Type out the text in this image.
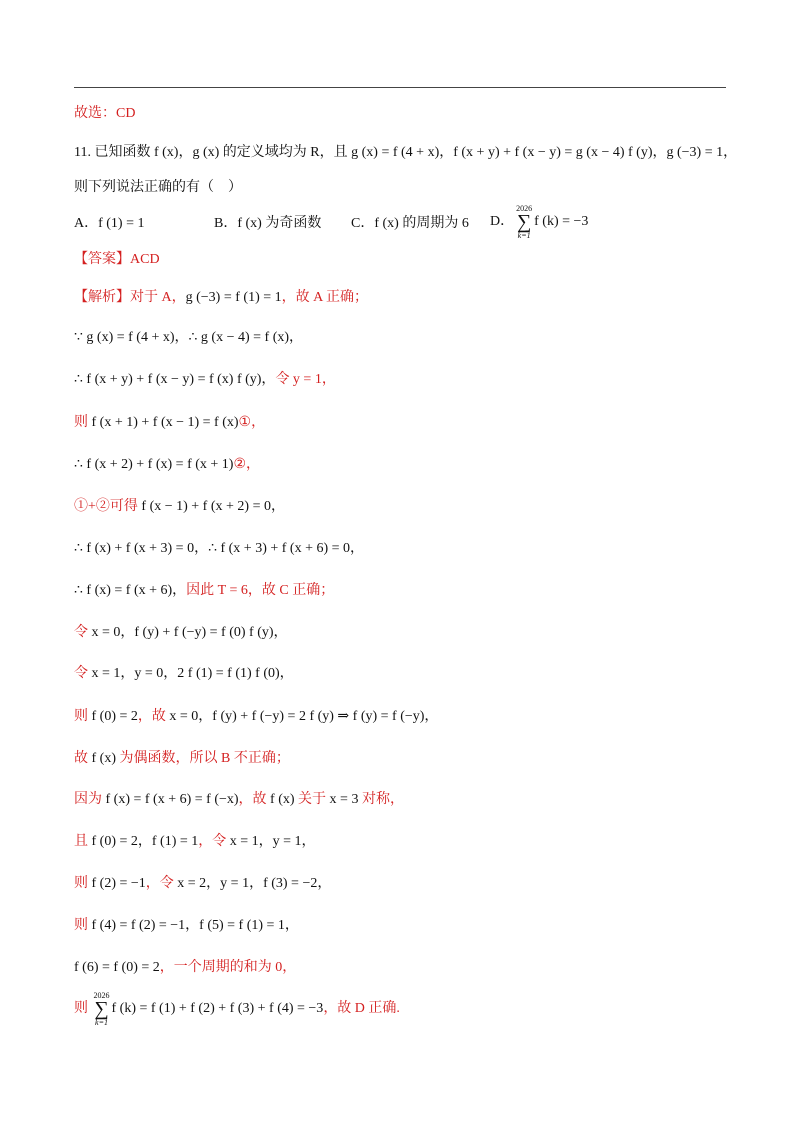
故选：CD
11. 已知函数 f (x)，g (x) 的定义域均为 R，且 g (x) = f (4 + x)，f (x + y) + f (x − y) = g (x − 4) f (y)，g (−3) = 1，
则下列说法正确的有（　）
A．f (1) = 1	B．f (x) 为奇函数 C．f (x) 的周期为 6 D．
2026
∑
k=1
f (k) = −3
【答案】ACD
【解析】对于 A，g (−3) = f (1) = 1，故 A 正确；
∵ g (x) = f (4 + x)，∴ g (x − 4) = f (x)，
∴ f (x + y) + f (x − y) = f (x) f (y)，令 y = 1，
则 f (x + 1) + f (x − 1) = f (x)①，
∴ f (x + 2) + f (x) = f (x + 1)②，
①+②可得 f (x − 1) + f (x + 2) = 0，
∴ f (x) + f (x + 3) = 0，∴ f (x + 3) + f (x + 6) = 0，
∴ f (x) = f (x + 6)，因此 T = 6，故 C 正确；
令 x = 0，f (y) + f (−y) = f (0) f (y)，
令 x = 1，y = 0，2 f (1) = f (1) f (0)，
则 f (0) = 2，故 x = 0，f (y) + f (−y) = 2 f (y) ⇒ f (y) = f (−y)，
故 f (x) 为偶函数，所以 B 不正确；
因为 f (x) = f (x + 6) = f (−x)，故 f (x) 关于 x = 3 对称，
且 f (0) = 2，f (1) = 1，令 x = 1，y = 1，
则 f (2) = −1，令 x = 2，y = 1，f (3) = −2，
则 f (4) = f (2) = −1，f (5) = f (1) = 1，
f (6) = f (0) = 2，一个周期的和为 0，
则
2026
∑
k=1
f (k) = f (1) + f (2) + f (3) + f (4) = −3，故 D 正确.
